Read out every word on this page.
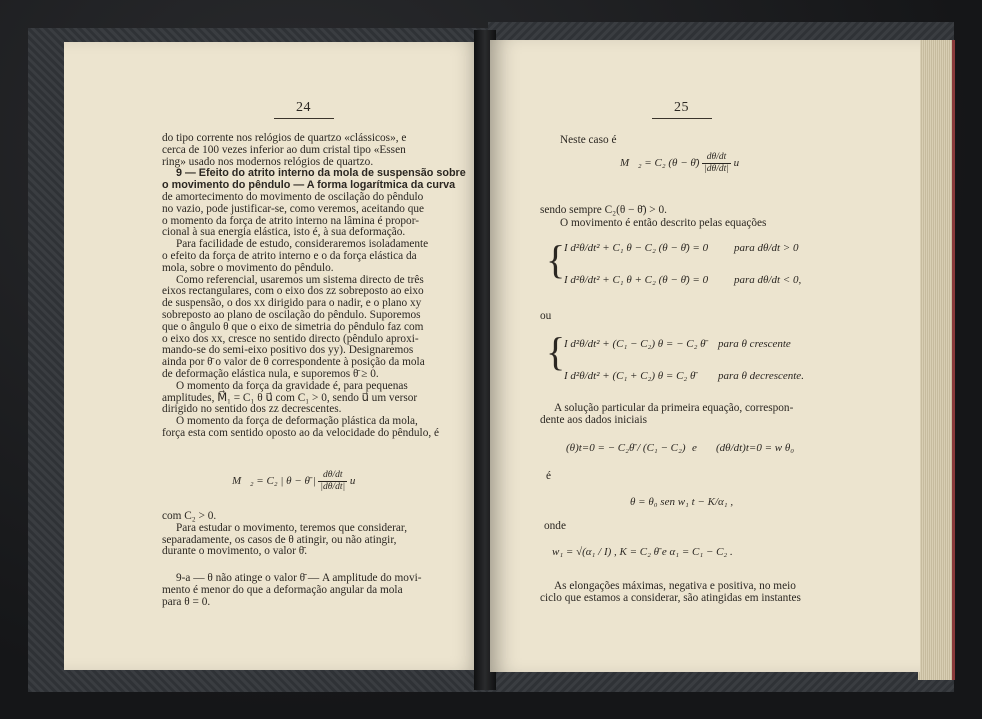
24
do tipo corrente nos relógios de quartzo «clássicos», e
cerca de 100 vezes inferior ao dum cristal tipo «Essen
ring» usado nos modernos relógios de quartzo.
9 — Efeito do atrito interno da mola de suspensão sobre
o movimento do pêndulo — A forma logarítmica da curva
de amortecimento do movimento de oscilação do pêndulo
no vazio, pode justificar-se, como veremos, aceitando que
o momento da força de atrito interno na lâmina é propor-
cional à sua energia elástica, isto é, à sua deformação.
Para facilidade de estudo, consideraremos isoladamente
o efeito da força de atrito interno e o da força elástica da
mola, sobre o movimento do pêndulo.
Como referencial, usaremos um sistema directo de três
eixos rectangulares, com o eixo dos zz sobreposto ao eixo
de suspensão, o dos xx dirigido para o nadir, e o plano xy
sobreposto ao plano de oscilação do pêndulo. Suporemos
que o ângulo θ que o eixo de simetria do pêndulo faz com
o eixo dos xx, cresce no sentido directo (pêndulo aproxi-
mando-se do semi-eixo positivo dos yy). Designaremos
ainda por θ̄ o valor de θ correspondente à posição da mola
de deformação elástica nula, e suporemos θ̄ ≥ 0.
O momento da força da gravidade é, para pequenas
amplitudes, M⃗₁ = C₁ θ u⃗ com C₁ > 0, sendo u⃗ um versor
dirigido no sentido dos zz decrescentes.
O momento da força de deformação plástica da mola,
força esta com sentido oposto ao da velocidade do pêndulo, é
M⃗₂ = C₂ | θ − θ̄ | $\frac{d\theta/dt}{|d\theta/dt|}$ u⃗
com C₂ > 0.
Para estudar o movimento, teremos que considerar,
separadamente, os casos de θ atingir, ou não atingir,
durante o movimento, o valor θ̄.
9-a — θ não atinge o valor θ̄ — A amplitude do movi-
mento é menor do que a deformação angular da mola
para θ = 0.
25
Neste caso é
M⃗₂ = C₂ (θ − θ̄) $\frac{d\theta/dt}{|d\theta/dt|}$ u⃗
sendo sempre C₂(θ − θ̄) > 0.
O movimento é então descrito pelas equações
{
I d²θ/dt² + C₁ θ − C₂ (θ − θ̄) = 0 para dθ/dt > 0
I d²θ/dt² + C₁ θ + C₂ (θ − θ̄) = 0 para dθ/dt < 0,
ou
{
I d²θ/dt² + (C₁ − C₂) θ = − C₂ θ̄ para θ crescente
I d²θ/dt² + (C₁ + C₂) θ = C₂ θ̄ para θ decrescente.
A solução particular da primeira equação, correspon-
dente aos dados iniciais
(θ)t=0 = − C₂θ̄ / (C₁ − C₂) e (dθ/dt)t=0 = w θ₀
é
θ = θ₀ sen w₁ t − K/α₁ ,
onde
w₁ = √(α₁ / I) , K = C₂ θ̄ e α₁ = C₁ − C₂ .
As elongações máximas, negativa e positiva, no meio
ciclo que estamos a considerar, são atingidas em instantes
